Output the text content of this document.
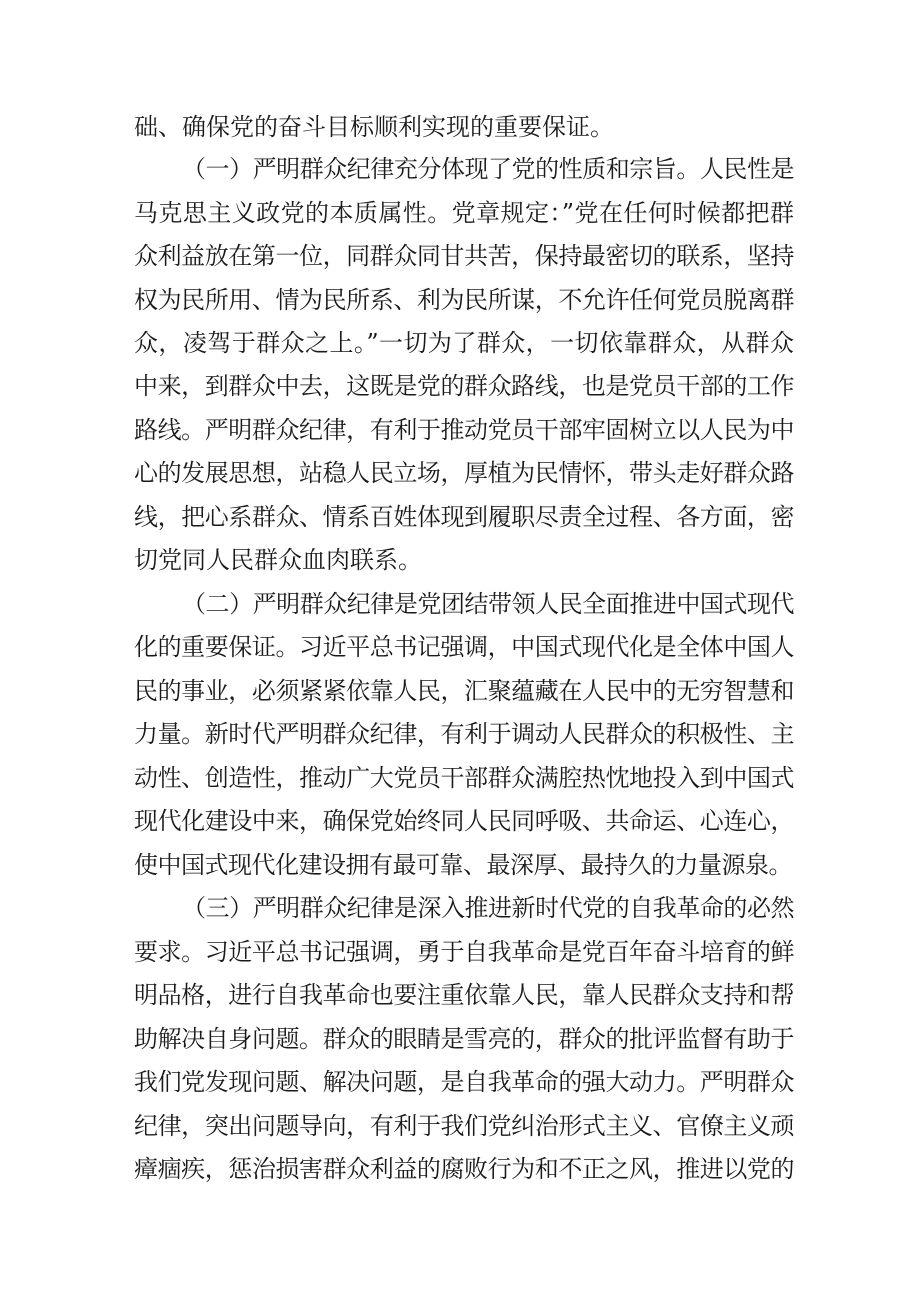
础、确保党的奋斗目标顺利实现的重要保证。
（一）严明群众纪律充分体现了党的性质和宗旨。人民性是
马克思主义政党的本质属性。党章规定：”党在任何时候都把群
众利益放在第一位，同群众同甘共苦，保持最密切的联系，坚持
权为民所用、情为民所系、利为民所谋，不允许任何党员脱离群
众，凌驾于群众之上。”一切为了群众，一切依靠群众，从群众
中来，到群众中去，这既是党的群众路线，也是党员干部的工作
路线。严明群众纪律，有利于推动党员干部牢固树立以人民为中
心的发展思想，站稳人民立场，厚植为民情怀，带头走好群众路
线，把心系群众、情系百姓体现到履职尽责全过程、各方面，密
切党同人民群众血肉联系。
（二）严明群众纪律是党团结带领人民全面推进中国式现代
化的重要保证。习近平总书记强调，中国式现代化是全体中国人
民的事业，必须紧紧依靠人民，汇聚蕴藏在人民中的无穷智慧和
力量。新时代严明群众纪律，有利于调动人民群众的积极性、主
动性、创造性，推动广大党员干部群众满腔热忱地投入到中国式
现代化建设中来，确保党始终同人民同呼吸、共命运、心连心，
使中国式现代化建设拥有最可靠、最深厚、最持久的力量源泉。
（三）严明群众纪律是深入推进新时代党的自我革命的必然
要求。习近平总书记强调，勇于自我革命是党百年奋斗培育的鲜
明品格，进行自我革命也要注重依靠人民，靠人民群众支持和帮
助解决自身问题。群众的眼睛是雪亮的，群众的批评监督有助于
我们党发现问题、解决问题，是自我革命的强大动力。严明群众
纪律，突出问题导向，有利于我们党纠治形式主义、官僚主义顽
瘴痼疾，惩治损害群众利益的腐败行为和不正之风，推进以党的
